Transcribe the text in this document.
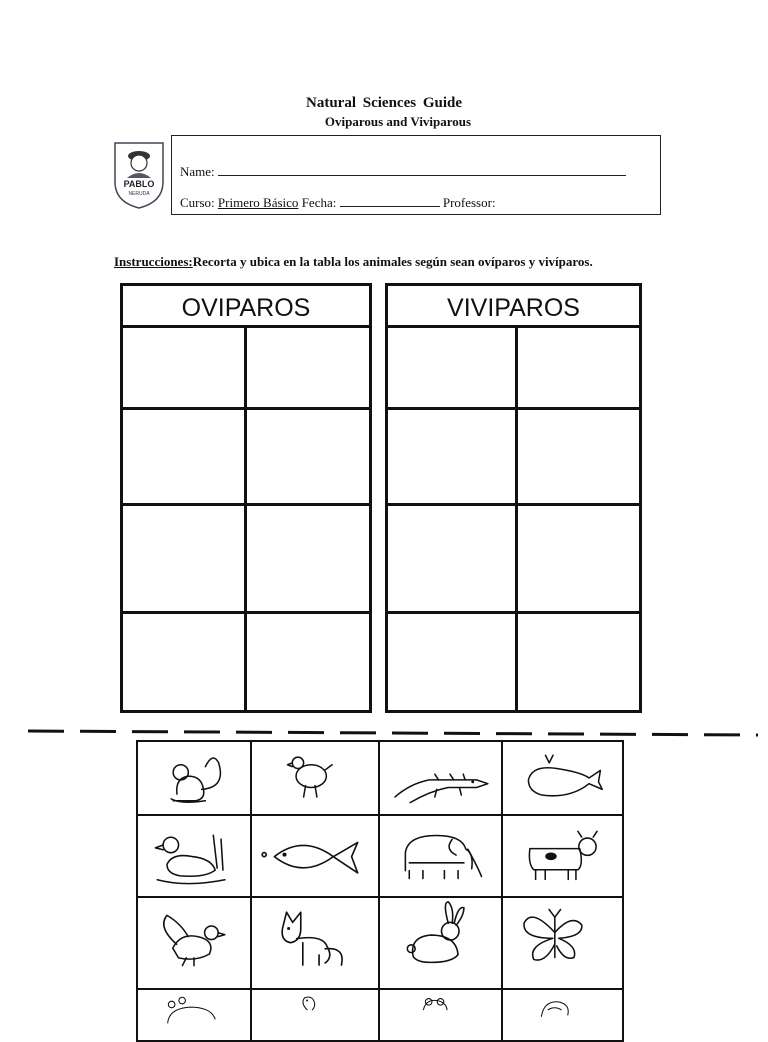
Natural Sciences Guide
Oviparous and Viviparous
PABLO
NERUDA
Name:
Curso: Primero Básico Fecha:	Professor:
Instrucciones:Recorta y ubica en la tabla los animales según sean ovíparos y vivíparos.
OVIPAROS	VIVIPAROS
